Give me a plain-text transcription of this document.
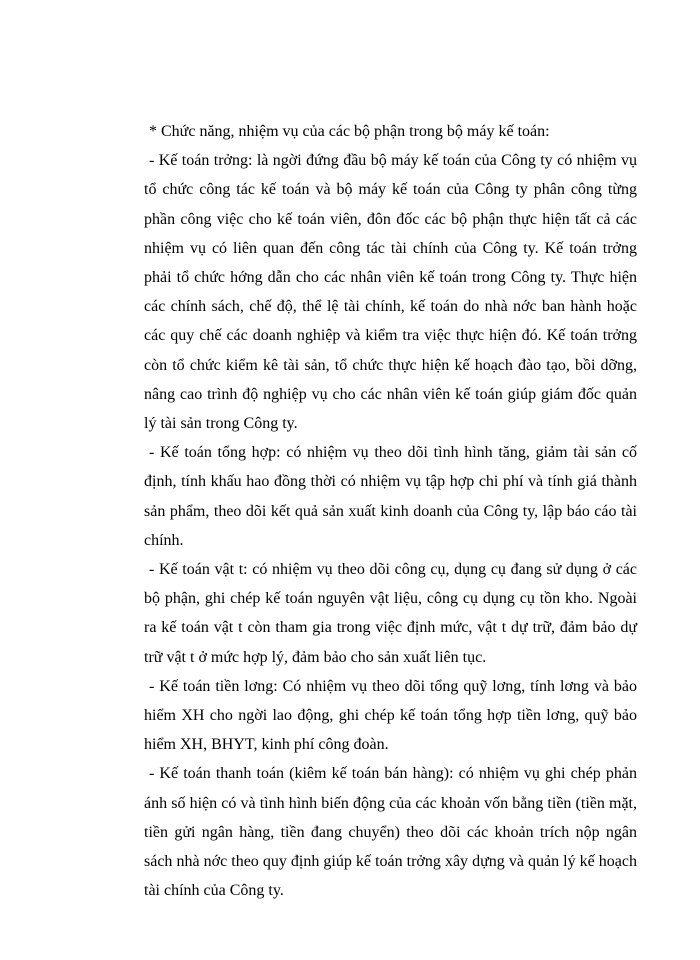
* Chức năng, nhiệm vụ của các bộ phận trong bộ máy kế toán:

- Kế toán trởng: là ngời đứng đầu bộ máy kế toán của Công ty có nhiệm vụ tổ chức công tác kế toán và bộ máy kế toán của Công ty phân công từng phần công việc cho kế toán viên, đôn đốc các bộ phận thực hiện tất cả các nhiệm vụ có liên quan đến công tác tài chính của Công ty. Kế toán trởng phải tổ chức hớng dẫn cho các nhân viên kế toán trong Công ty. Thực hiện các chính sách, chế độ, thể lệ tài chính, kế toán do nhà nớc ban hành hoặc các quy chế các doanh nghiệp và kiểm tra việc thực hiện đó. Kế toán trởng còn tổ chức kiểm kê tài sản, tổ chức thực hiện kế hoạch đào tạo, bồi dỡng, nâng cao trình độ nghiệp vụ cho các nhân viên kế toán giúp giám đốc quản lý tài sản trong Công ty.

- Kế toán tổng hợp: có nhiệm vụ theo dõi tình hình tăng, giảm tài sản cố định, tính khấu hao đồng thời có nhiệm vụ tập hợp chi phí và tính giá thành sản phẩm, theo dõi kết quả sản xuất kinh doanh của Công ty, lập báo cáo tài chính.

- Kế toán vật t: có nhiệm vụ theo dõi công cụ, dụng cụ đang sử dụng ở các bộ phận, ghi chép kế toán nguyên vật liệu, công cụ dụng cụ tồn kho. Ngoài ra kế toán vật t còn tham gia trong việc định mức, vật t dự trữ, đảm bảo dự trữ vật t ở mức hợp lý, đảm bảo cho sản xuất liên tục.

- Kế toán tiền lơng: Có nhiệm vụ theo dõi tổng quỹ lơng, tính lơng và bảo hiểm XH cho ngời lao động, ghi chép kế toán tổng hợp tiền lơng, quỹ bảo hiểm XH, BHYT, kinh phí công đoàn.

- Kế toán thanh toán (kiêm kế toán bán hàng): có nhiệm vụ ghi chép phản ánh số hiện có và tình hình biến động của các khoản vốn bằng tiền (tiền mặt, tiền gửi ngân hàng, tiền đang chuyển) theo dõi các khoản trích nộp ngân sách nhà nớc theo quy định giúp kế toán trởng xây dựng và quản lý kế hoạch tài chính của Công ty.
